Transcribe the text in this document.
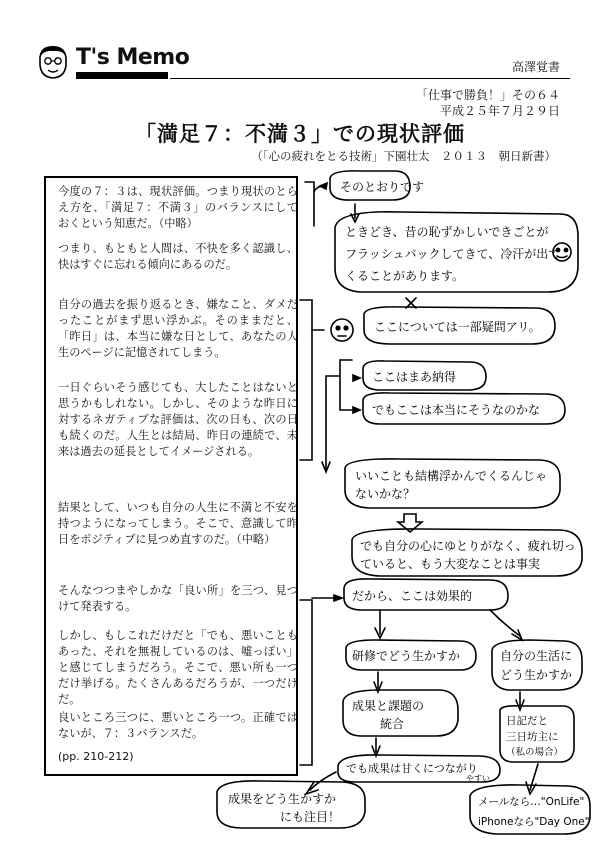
T's Memo	高澤覚書
「仕事で勝負！」その６４
平成２５年７月２９日
「満足７：不満３」での現状評価
（「心の疲れをとる技術」下園壮太　２０１３　朝日新書）
今度の７：３は、現状評価。つまり現状のとらえ方を、「満足７：不満３」のバランスにしておくという知恵だ。（中略）
つまり、もともと人間は、不快を多く認識し、快はすぐに忘れる傾向にあるのだ。
自分の過去を振り返るとき、嫌なこと、ダメだったことがまず思い浮かぶ。そのままだと、「昨日」は、本当に嫌な日として、あなたの人生のページに記憶されてしまう。
一日ぐらいそう感じても、大したことはないと思うかもしれない。しかし、そのような昨日に対するネガティブな評価は、次の日も、次の日も続くのだ。人生とは結局、昨日の連続で、未来は過去の延長としてイメージされる。
結果として、いつも自分の人生に不満と不安を持つようになってしまう。そこで、意識して昨日をポジティブに見つめ直すのだ。（中略）
そんなつつまやしかな「良い所」を三つ、見つけて発表する。
しかし、もしこれだけだと「でも、悪いこともあった、それを無視しているのは、嘘っぽい」と感じてしまうだろう。そこで、悪い所も一つだけ挙げる。たくさんあるだろうが、一つだけだ。
良いところ三つに、悪いところ一つ。正確ではないが、７：３バランスだ。
(pp. 210-212)
そのとおりです
ときどき、昔の恥ずかしいできごとが
フラッシュバックしてきて、冷汗が出て
くることがあります。
ここについては一部疑問アリ。
ここはまあ納得
でもここは本当にそうなのかな
いいことも結構浮かんでくるんじゃ
ないかな？
でも自分の心にゆとりがなく、疲れ切っ
ていると、もう大変なことは事実
だから、ここは効果的
研修でどう生かすか	自分の生活に
どう生かすか
成果と課題の
統合	日記だと
三日坊主に
（私の場合）
でも成果は甘くにつながり
やすい
成果をどう生かすか
にも注目！
メールなら…"OnLife"
iPhoneなら"Day One"
